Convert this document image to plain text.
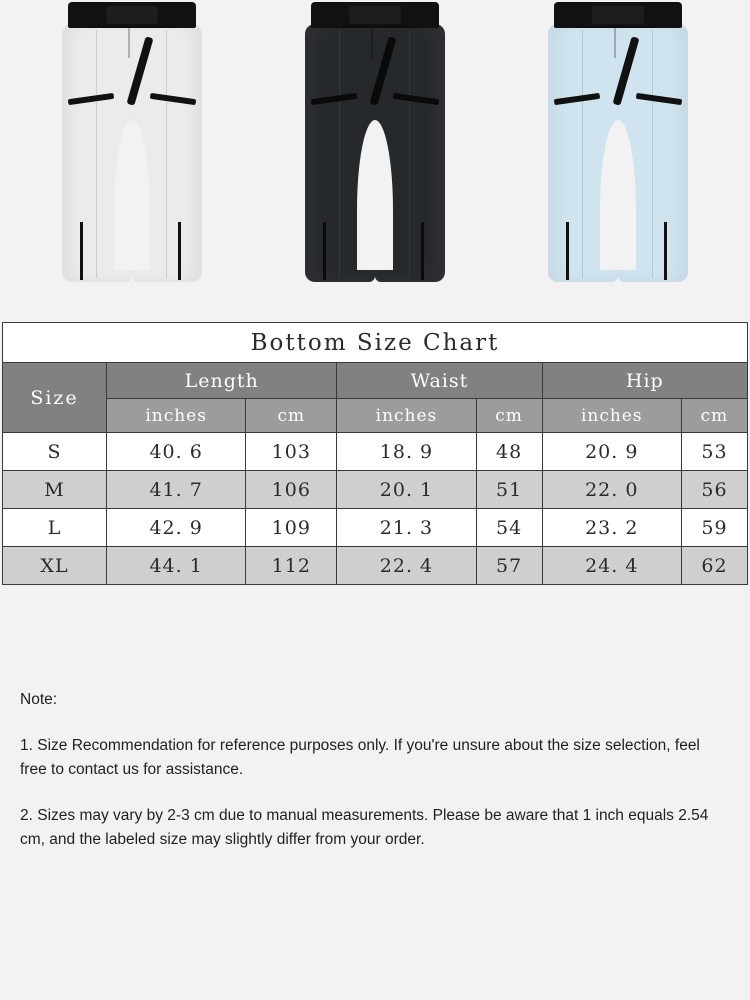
Bottom Size Chart						
Size	Length		Waist		Hip	
	inches	cm	inches	cm	inches	cm
S	40. 6	103	18. 9	48	20. 9	53
M	41. 7	106	20. 1	51	22. 0	56
L	42. 9	109	21. 3	54	23. 2	59
XL	44. 1	112	22. 4	57	24. 4	62
Note:

1. Size Recommendation for reference purposes only. If you're unsure about the size selection, feel free to contact us for assistance.

2. Sizes may vary by 2-3 cm due to manual measurements. Please be aware that 1 inch equals 2.54 cm, and the labeled size may slightly differ from your order.
